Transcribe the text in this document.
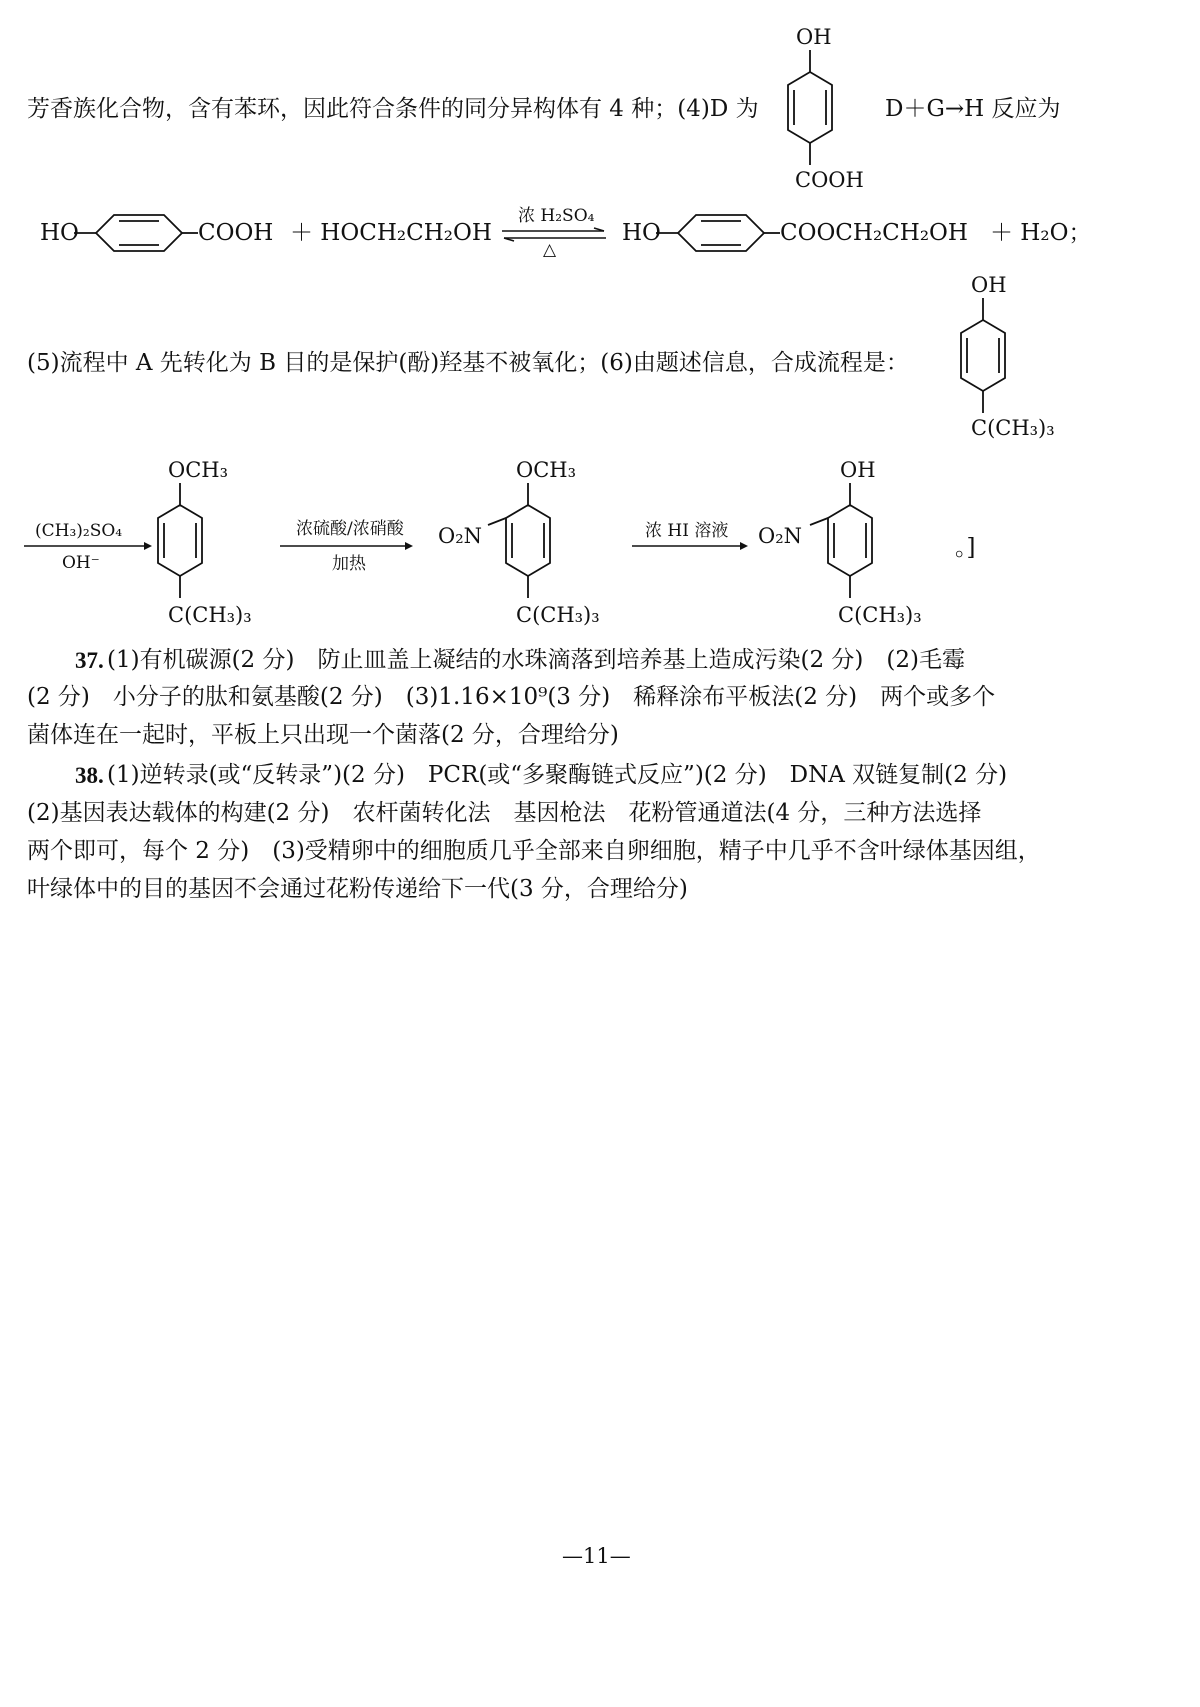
芳香族化合物，含有苯环，因此符合条件的同分异构体有 4 种；(4)D 为	D＋G→H 反应为
OH
COOH
HO	COOH ＋ HOCH₂CH₂OH
浓 H₂SO₄
△
HO	COOCH₂CH₂OH ＋ H₂O；
(5)流程中 A 先转化为 B 目的是保护(酚)羟基不被氧化；(6)由题述信息，合成流程是：
OH
C(CH₃)₃
(CH₃)₂SO₄
OH⁻
OCH₃
C(CH₃)₃
浓硫酸/浓硝酸
加热
OCH₃
O₂N
C(CH₃)₃
浓 HI 溶液
OH
O₂N
C(CH₃)₃
。]
37. (1)有机碳源(2 分)　防止皿盖上凝结的水珠滴落到培养基上造成污染(2 分)　(2)毛霉
(2 分)　小分子的肽和氨基酸(2 分)　(3)1.16×10⁹(3 分)　稀释涂布平板法(2 分)　两个或多个
菌体连在一起时，平板上只出现一个菌落(2 分，合理给分)
38. (1)逆转录(或“反转录”)(2 分)　PCR(或“多聚酶链式反应”)(2 分)　DNA 双链复制(2 分)
(2)基因表达载体的构建(2 分)　农杆菌转化法　基因枪法　花粉管通道法(4 分，三种方法选择
两个即可，每个 2 分)　(3)受精卵中的细胞质几乎全部来自卵细胞，精子中几乎不含叶绿体基因组，
叶绿体中的目的基因不会通过花粉传递给下一代(3 分，合理给分)
—11—
